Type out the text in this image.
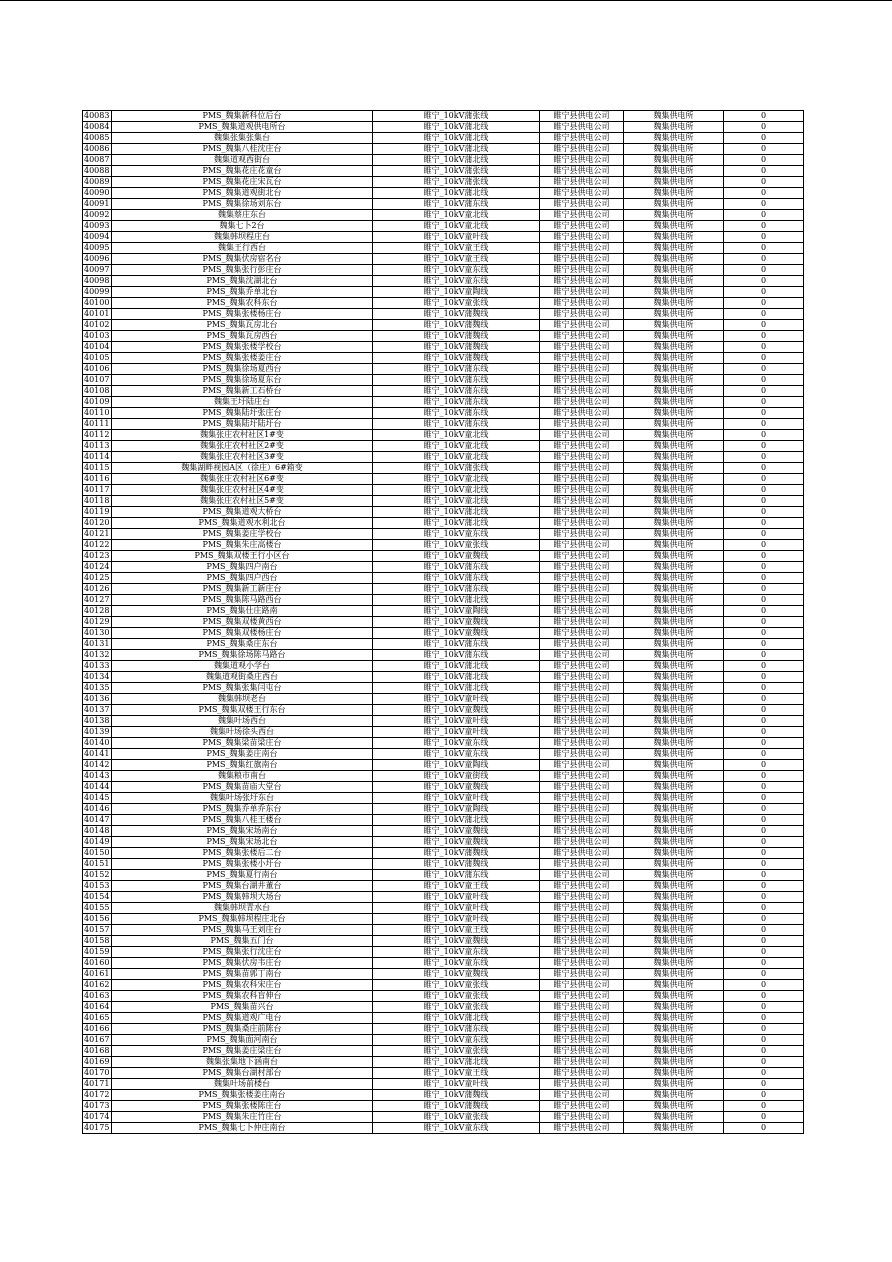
40083	PMS_魏集新科位后台	睢宁_10kV蒲张线	睢宁县供电公司	魏集供电所	0
40084	PMS_魏集道观供电所台	睢宁_10kV蒲北线	睢宁县供电公司	魏集供电所	0
40085	魏集张集张集台	睢宁_10kV蒲北线	睢宁县供电公司	魏集供电所	0
40086	PMS_魏集八桂沈庄台	睢宁_10kV蒲北线	睢宁县供电公司	魏集供电所	0
40087	魏集道观西街台	睢宁_10kV蒲北线	睢宁县供电公司	魏集供电所	0
40088	PMS_魏集花庄花童台	睢宁_10kV蒲张线	睢宁县供电公司	魏集供电所	0
40089	PMS_魏集花庄宋瓦台	睢宁_10kV蒲张线	睢宁县供电公司	魏集供电所	0
40090	PMS_魏集道观街北台	睢宁_10kV蒲北线	睢宁县供电公司	魏集供电所	0
40091	PMS_魏集徐场刘东台	睢宁_10kV蒲东线	睢宁县供电公司	魏集供电所	0
40092	魏集蔡庄东台	睢宁_10kV童北线	睢宁县供电公司	魏集供电所	0
40093	魏集七卜2台	睢宁_10kV童北线	睢宁县供电公司	魏集供电所	0
40094	魏集韩坝程庄台	睢宁_10kV童叶线	睢宁县供电公司	魏集供电所	0
40095	魏集王行西台	睢宁_10kV童王线	睢宁县供电公司	魏集供电所	0
40096	PMS_魏集伏房宿名台	睢宁_10kV童王线	睢宁县供电公司	魏集供电所	0
40097	PMS_魏集张行彭庄台	睢宁_10kV童东线	睢宁县供电公司	魏集供电所	0
40098	PMS_魏集沈湖北台	睢宁_10kV童东线	睢宁县供电公司	魏集供电所	0
40099	PMS_魏集乔单北台	睢宁_10kV童陶线	睢宁县供电公司	魏集供电所	0
40100	PMS_魏集农科东台	睢宁_10kV童张线	睢宁县供电公司	魏集供电所	0
40101	PMS_魏集张楼杨庄台	睢宁_10kV蒲魏线	睢宁县供电公司	魏集供电所	0
40102	PMS_魏集瓦房北台	睢宁_10kV蒲魏线	睢宁县供电公司	魏集供电所	0
40103	PMS_魏集瓦房西台	睢宁_10kV蒲魏线	睢宁县供电公司	魏集供电所	0
40104	PMS_魏集张楼学校台	睢宁_10kV蒲魏线	睢宁县供电公司	魏集供电所	0
40105	PMS_魏集张楼姜庄台	睢宁_10kV蒲魏线	睢宁县供电公司	魏集供电所	0
40106	PMS_魏集徐场夏西台	睢宁_10kV蒲东线	睢宁县供电公司	魏集供电所	0
40107	PMS_魏集徐场夏东台	睢宁_10kV蒲东线	睢宁县供电公司	魏集供电所	0
40108	PMS_魏集新工石桥台	睢宁_10kV蒲东线	睢宁县供电公司	魏集供电所	0
40109	魏集王圩陆庄台	睢宁_10kV蒲东线	睢宁县供电公司	魏集供电所	0
40110	PMS_魏集陆圩张庄台	睢宁_10kV蒲东线	睢宁县供电公司	魏集供电所	0
40111	PMS_魏集陆圩陆圩台	睢宁_10kV蒲东线	睢宁县供电公司	魏集供电所	0
40112	魏集张庄农村社区1#变	睢宁_10kV童北线	睢宁县供电公司	魏集供电所	0
40113	魏集张庄农村社区2#变	睢宁_10kV童北线	睢宁县供电公司	魏集供电所	0
40114	魏集张庄农村社区3#变	睢宁_10kV童北线	睢宁县供电公司	魏集供电所	0
40115	魏集湖畔视园A区（徐庄）6#箱变	睢宁_10kV蒲张线	睢宁县供电公司	魏集供电所	0
40116	魏集张庄农村社区6#变	睢宁_10kV童北线	睢宁县供电公司	魏集供电所	0
40117	魏集张庄农村社区4#变	睢宁_10kV童北线	睢宁县供电公司	魏集供电所	0
40118	魏集张庄农村社区5#变	睢宁_10kV童北线	睢宁县供电公司	魏集供电所	0
40119	PMS_魏集道观大桥台	睢宁_10kV蒲北线	睢宁县供电公司	魏集供电所	0
40120	PMS_魏集道观水利北台	睢宁_10kV蒲北线	睢宁县供电公司	魏集供电所	0
40121	PMS_魏集姜庄学校台	睢宁_10kV童东线	睢宁县供电公司	魏集供电所	0
40122	PMS_魏集朱庄高楼台	睢宁_10kV童张线	睢宁县供电公司	魏集供电所	0
40123	PMS_魏集双楼王行小区台	睢宁_10kV童魏线	睢宁县供电公司	魏集供电所	0
40124	PMS_魏集四户南台	睢宁_10kV蒲东线	睢宁县供电公司	魏集供电所	0
40125	PMS_魏集四户西台	睢宁_10kV蒲东线	睢宁县供电公司	魏集供电所	0
40126	PMS_魏集新工新庄台	睢宁_10kV蒲东线	睢宁县供电公司	魏集供电所	0
40127	PMS_魏集陈马路西台	睢宁_10kV蒲北线	睢宁县供电公司	魏集供电所	0
40128	PMS_魏集仕庄路南	睢宁_10kV童陶线	睢宁县供电公司	魏集供电所	0
40129	PMS_魏集双楼黄西台	睢宁_10kV童魏线	睢宁县供电公司	魏集供电所	0
40130	PMS_魏集双楼杨庄台	睢宁_10kV童魏线	睢宁县供电公司	魏集供电所	0
40131	PMS_魏集桑庄东台	睢宁_10kV蒲东线	睢宁县供电公司	魏集供电所	0
40132	PMS_魏集徐场陈马路台	睢宁_10kV蒲东线	睢宁县供电公司	魏集供电所	0
40133	魏集道观小学台	睢宁_10kV蒲北线	睢宁县供电公司	魏集供电所	0
40134	魏集道观街桑庄西台	睢宁_10kV蒲北线	睢宁县供电公司	魏集供电所	0
40135	PMS_魏集张集闫屯台	睢宁_10kV蒲北线	睢宁县供电公司	魏集供电所	0
40136	魏集韩坝老台	睢宁_10kV童叶线	睢宁县供电公司	魏集供电所	0
40137	PMS_魏集双楼王行东台	睢宁_10kV童魏线	睢宁县供电公司	魏集供电所	0
40138	魏集叶场西台	睢宁_10kV童叶线	睢宁县供电公司	魏集供电所	0
40139	魏集叶场徐头西台	睢宁_10kV童叶线	睢宁县供电公司	魏集供电所	0
40140	PMS_魏集梁苗梁庄台	睢宁_10kV童东线	睢宁县供电公司	魏集供电所	0
40141	PMS_魏集姜庄南台	睢宁_10kV童东线	睢宁县供电公司	魏集供电所	0
40142	PMS_魏集红旗南台	睢宁_10kV童陶线	睢宁县供电公司	魏集供电所	0
40143	魏集粮市南台	睢宁_10kV童街线	睢宁县供电公司	魏集供电所	0
40144	PMS_魏集苗庙大堂台	睢宁_10kV童魏线	睢宁县供电公司	魏集供电所	0
40145	魏集叶场张圩东台	睢宁_10kV童叶线	睢宁县供电公司	魏集供电所	0
40146	PMS_魏集乔单乔东台	睢宁_10kV童陶线	睢宁县供电公司	魏集供电所	0
40147	PMS_魏集八桂王楼台	睢宁_10kV蒲北线	睢宁县供电公司	魏集供电所	0
40148	PMS_魏集宋场南台	睢宁_10kV童魏线	睢宁县供电公司	魏集供电所	0
40149	PMS_魏集宋场北台	睢宁_10kV童魏线	睢宁县供电公司	魏集供电所	0
40150	PMS_魏集张楼后二台	睢宁_10kV蒲魏线	睢宁县供电公司	魏集供电所	0
40151	PMS_魏集张楼小圩台	睢宁_10kV蒲魏线	睢宁县供电公司	魏集供电所	0
40152	PMS_魏集夏行南台	睢宁_10kV蒲东线	睢宁县供电公司	魏集供电所	0
40153	PMS_魏集台湖井董台	睢宁_10kV童王线	睢宁县供电公司	魏集供电所	0
40154	PMS_魏集韩坝大场台	睢宁_10kV童叶线	睢宁县供电公司	魏集供电所	0
40155	魏集韩坝青水台	睢宁_10kV童叶线	睢宁县供电公司	魏集供电所	0
40156	PMS_魏集韩坝程庄北台	睢宁_10kV童叶线	睢宁县供电公司	魏集供电所	0
40157	PMS_魏集马王刘庄台	睢宁_10kV童王线	睢宁县供电公司	魏集供电所	0
40158	PMS_魏集五门台	睢宁_10kV童魏线	睢宁县供电公司	魏集供电所	0
40159	PMS_魏集张行沈庄台	睢宁_10kV童东线	睢宁县供电公司	魏集供电所	0
40160	PMS_魏集伏房韦庄台	睢宁_10kV童东线	睢宁县供电公司	魏集供电所	0
40161	PMS_魏集苗郭丁南台	睢宁_10kV童魏线	睢宁县供电公司	魏集供电所	0
40162	PMS_魏集农科宋庄台	睢宁_10kV童张线	睢宁县供电公司	魏集供电所	0
40163	PMS_魏集农科盲伸台	睢宁_10kV童张线	睢宁县供电公司	魏集供电所	0
40164	PMS_魏集苗兴台	睢宁_10kV童张线	睢宁县供电公司	魏集供电所	0
40165	PMS_魏集道观广电台	睢宁_10kV蒲北线	睢宁县供电公司	魏集供电所	0
40166	PMS_魏集桑庄前陈台	睢宁_10kV蒲东线	睢宁县供电公司	魏集供电所	0
40167	PMS_魏集面河南台	睢宁_10kV童东线	睢宁县供电公司	魏集供电所	0
40168	PMS_魏集姜庄梁庄台	睢宁_10kV童张线	睢宁县供电公司	魏集供电所	0
40169	魏集张集地下涵南台	睢宁_10kV蒲北线	睢宁县供电公司	魏集供电所	0
40170	PMS_魏集台湖村部台	睢宁_10kV童王线	睢宁县供电公司	魏集供电所	0
40171	魏集叶场前楼台	睢宁_10kV童叶线	睢宁县供电公司	魏集供电所	0
40172	PMS_魏集张楼姜庄南台	睢宁_10kV蒲魏线	睢宁县供电公司	魏集供电所	0
40173	PMS_魏集张楼陈庄台	睢宁_10kV蒲魏线	睢宁县供电公司	魏集供电所	0
40174	PMS_魏集朱庄竹庄台	睢宁_10kV童张线	睢宁县供电公司	魏集供电所	0
40175	PMS_魏集七卜仲庄南台	睢宁_10kV童东线	睢宁县供电公司	魏集供电所	0
